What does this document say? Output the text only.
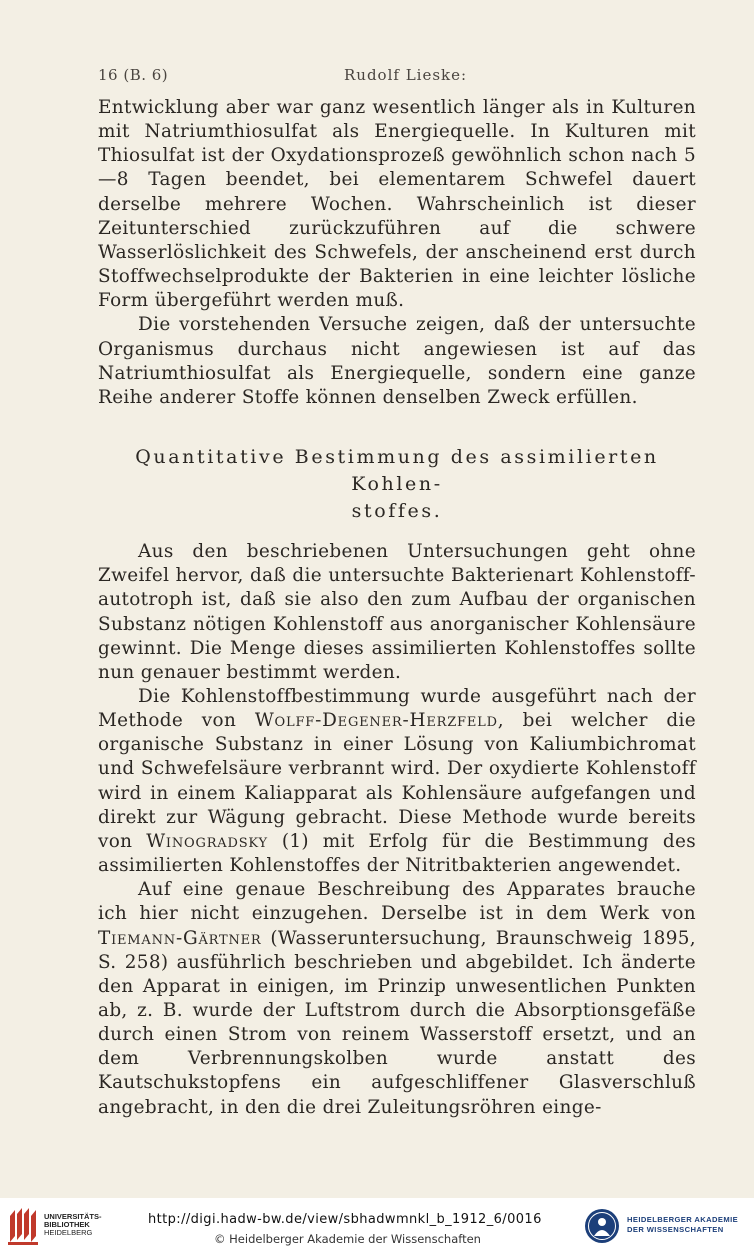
16 (B. 6)	Rudolf Lieske:

Entwicklung aber war ganz wesentlich länger als in Kulturen mit Natriumthiosulfat als Energiequelle. In Kulturen mit Thiosulfat ist der Oxydationsprozeß gewöhnlich schon nach 5—8 Tagen beendet, bei elementarem Schwefel dauert derselbe mehrere Wochen. Wahrscheinlich ist dieser Zeitunterschied zurückzuführen auf die schwere Wasserlöslichkeit des Schwefels, der anscheinend erst durch Stoffwechselprodukte der Bakterien in eine leichter lösliche Form übergeführt werden muß.

Die vorstehenden Versuche zeigen, daß der untersuchte Organismus durchaus nicht angewiesen ist auf das Natriumthiosulfat als Energiequelle, sondern eine ganze Reihe anderer Stoffe können denselben Zweck erfüllen.

Quantitative Bestimmung des assimilierten Kohlen-
stoffes.

Aus den beschriebenen Untersuchungen geht ohne Zweifel hervor, daß die untersuchte Bakterienart Kohlenstoff-autotroph ist, daß sie also den zum Aufbau der organischen Substanz nötigen Kohlenstoff aus anorganischer Kohlensäure gewinnt. Die Menge dieses assimilierten Kohlenstoffes sollte nun genauer bestimmt werden.

Die Kohlenstoffbestimmung wurde ausgeführt nach der Methode von Wolff-Degener-Herzfeld, bei welcher die organische Substanz in einer Lösung von Kaliumbichromat und Schwefelsäure verbrannt wird. Der oxydierte Kohlenstoff wird in einem Kaliapparat als Kohlensäure aufgefangen und direkt zur Wägung gebracht. Diese Methode wurde bereits von Winogradsky (1) mit Erfolg für die Bestimmung des assimilierten Kohlenstoffes der Nitritbakterien angewendet.

Auf eine genaue Beschreibung des Apparates brauche ich hier nicht einzugehen. Derselbe ist in dem Werk von Tiemann-Gärtner (Wasseruntersuchung, Braunschweig 1895, S. 258) ausführlich beschrieben und abgebildet. Ich änderte den Apparat in einigen, im Prinzip unwesentlichen Punkten ab, z. B. wurde der Luftstrom durch die Absorptionsgefäße durch einen Strom von reinem Wasserstoff ersetzt, und an dem Verbrennungskolben wurde anstatt des Kautschukstopfens ein aufgeschliffener Glasverschluß angebracht, in den die drei Zuleitungsröhren einge-

UNIVERSITÄTS-
BIBLIOTHEK
HEIDELBERG
http://digi.hadw-bw.de/view/sbhadwmnkl_b_1912_6/0016
© Heidelberger Akademie der Wissenschaften
HEIDELBERGER AKADEMIE
DER WISSENSCHAFTEN
